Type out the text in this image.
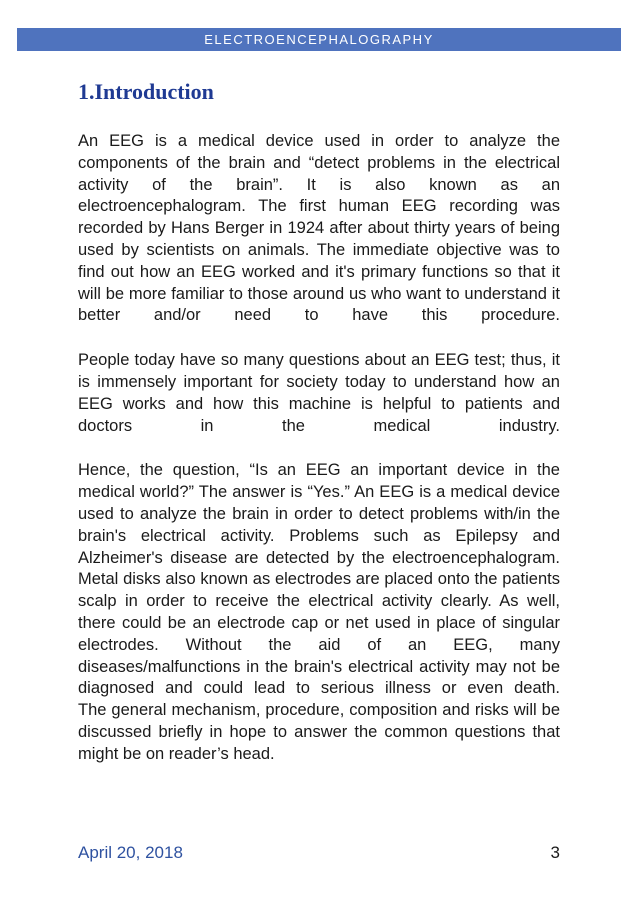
ELECTROENCEPHALOGRAPHY
1.Introduction

An EEG is a medical device used in order to analyze the components of the brain and “detect problems in the electrical activity of the brain”. It is also known as an electroencephalogram. The first human EEG recording was recorded by Hans Berger in 1924 after about thirty years of being used by scientists on animals. The immediate objective was to find out how an EEG worked and it's primary functions so that it will be more familiar to those around us who want to understand it better and/or need to have this procedure.

People today have so many questions about an EEG test; thus, it is immensely important for society today to understand how an EEG works and how this machine is helpful to patients and doctors in the medical industry.

Hence, the question, “Is an EEG an important device in the medical world?” The answer is “Yes.” An EEG is a medical device used to analyze the brain in order to detect problems with/in the brain's electrical activity. Problems such as Epilepsy and Alzheimer's disease are detected by the electroencephalogram. Metal disks also known as electrodes are placed onto the patients scalp in order to receive the electrical activity clearly. As well, there could be an electrode cap or net used in place of singular electrodes. Without the aid of an EEG, many diseases/malfunctions in the brain's electrical activity may not be diagnosed and could lead to serious illness or even death.

The general mechanism, procedure, composition and risks will be discussed briefly in hope to answer the common questions that might be on reader’s head.

April 20, 2018	3
